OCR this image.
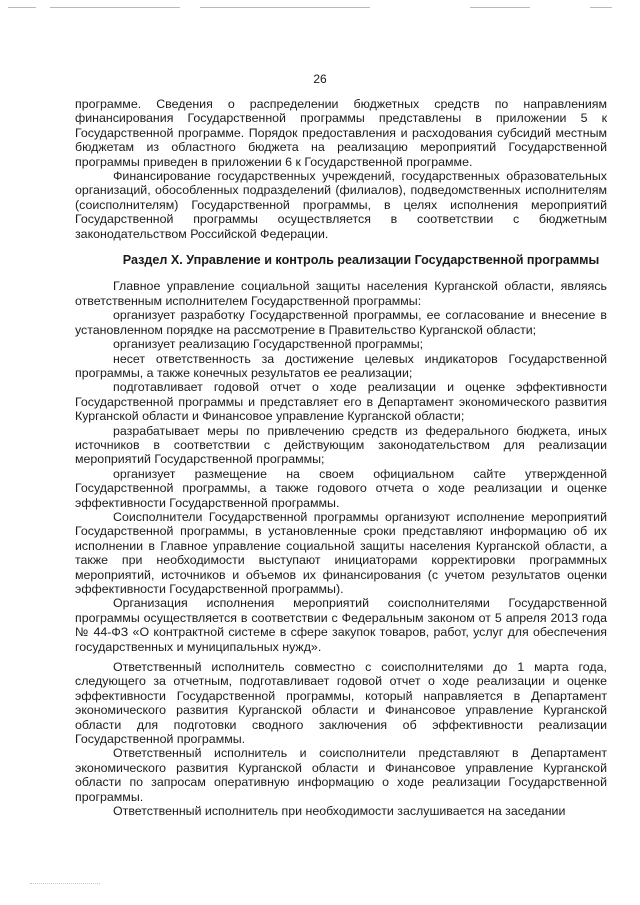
26

программе. Сведения о распределении бюджетных средств по направлениям финансирования Государственной программы представлены в приложении 5 к Государственной программе. Порядок предоставления и расходования субсидий местным бюджетам из областного бюджета на реализацию мероприятий Государственной программы приведен в приложении 6 к Государственной программе.

Финансирование государственных учреждений, государственных образовательных организаций, обособленных подразделений (филиалов), подведомственных исполнителям (соисполнителям) Государственной программы, в целях исполнения мероприятий Государственной программы осуществляется в соответствии с бюджетным законодательством Российской Федерации.

Раздел X. Управление и контроль реализации Государственной программы

Главное управление социальной защиты населения Курганской области, являясь ответственным исполнителем Государственной программы:

организует разработку Государственной программы, ее согласование и внесение в установленном порядке на рассмотрение в Правительство Курганской области;

организует реализацию Государственной программы;

несет ответственность за достижение целевых индикаторов Государственной программы, а также конечных результатов ее реализации;

подготавливает годовой отчет о ходе реализации и оценке эффективности Государственной программы и представляет его в Департамент экономического развития Курганской области и Финансовое управление Курганской области;

разрабатывает меры по привлечению средств из федерального бюджета, иных источников в соответствии с действующим законодательством для реализации мероприятий Государственной программы;

организует размещение на своем официальном сайте утвержденной Государственной программы, а также годового отчета о ходе реализации и оценке эффективности Государственной программы.

Соисполнители Государственной программы организуют исполнение мероприятий Государственной программы, в установленные сроки представляют информацию об их исполнении в Главное управление социальной защиты населения Курганской области, а также при необходимости выступают инициаторами корректировки программных мероприятий, источников и объемов их финансирования (с учетом результатов оценки эффективности Государственной программы).

Организация исполнения мероприятий соисполнителями Государственной программы осуществляется в соответствии с Федеральным законом от 5 апреля 2013 года № 44-ФЗ «О контрактной системе в сфере закупок товаров, работ, услуг для обеспечения государственных и муниципальных нужд».

Ответственный исполнитель совместно с соисполнителями до 1 марта года, следующего за отчетным, подготавливает годовой отчет о ходе реализации и оценке эффективности Государственной программы, который направляется в Департамент экономического развития Курганской области и Финансовое управление Курганской области для подготовки сводного заключения об эффективности реализации Государственной программы.

Ответственный исполнитель и соисполнители представляют в Департамент экономического развития Курганской области и Финансовое управление Курганской области по запросам оперативную информацию о ходе реализации Государственной программы.

Ответственный исполнитель при необходимости заслушивается на заседании
